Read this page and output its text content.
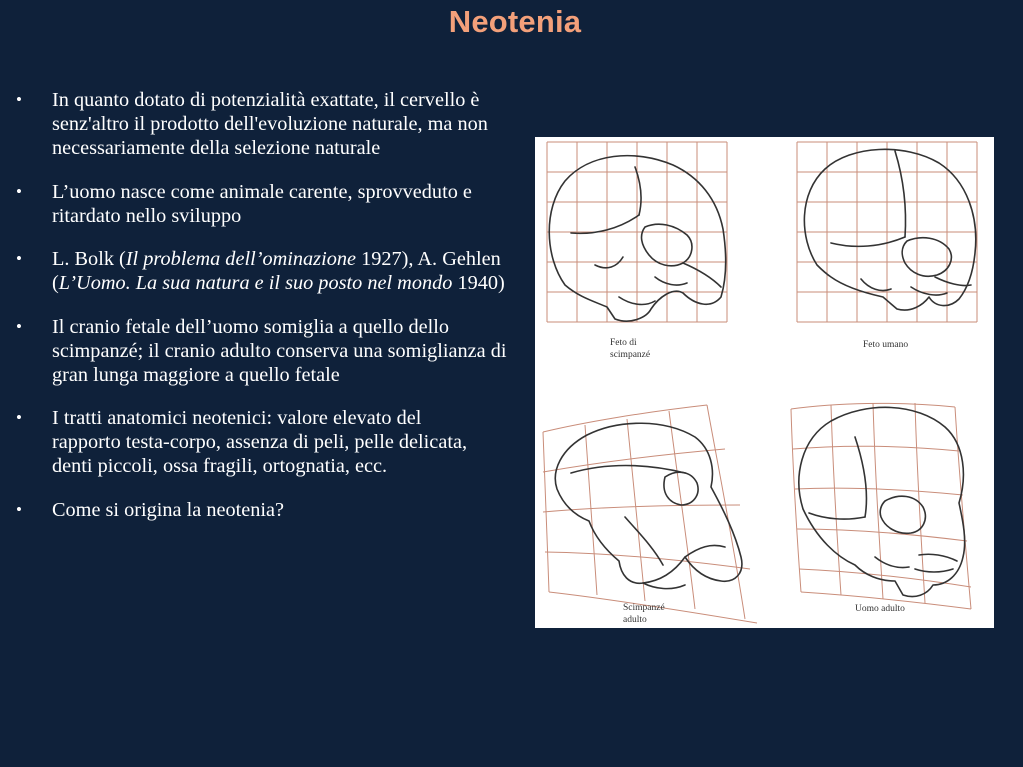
Neotenia
• In quanto dotato di potenzialità exattate, il cervello è senz'altro il prodotto dell'evoluzione naturale, ma non necessariamente della selezione naturale
• L’uomo nasce come animale carente, sprovveduto e ritardato nello sviluppo
• L. Bolk (Il problema dell’ominazione 1927), A. Gehlen (L’Uomo. La sua natura e il suo posto nel mondo 1940)
• Il cranio fetale dell’uomo somiglia a quello dello scimpanzé; il cranio adulto conserva una somiglianza di gran lunga maggiore a quello fetale
• I tratti anatomici neotenici: valore elevato del rapporto testa-corpo, assenza di peli, pelle delicata, denti piccoli, ossa fragili, ortognatia, ecc.
• Come si origina la neotenia?
Feto di
scimpanzé
Feto umano
Scimpanzé
adulto
Uomo adulto
